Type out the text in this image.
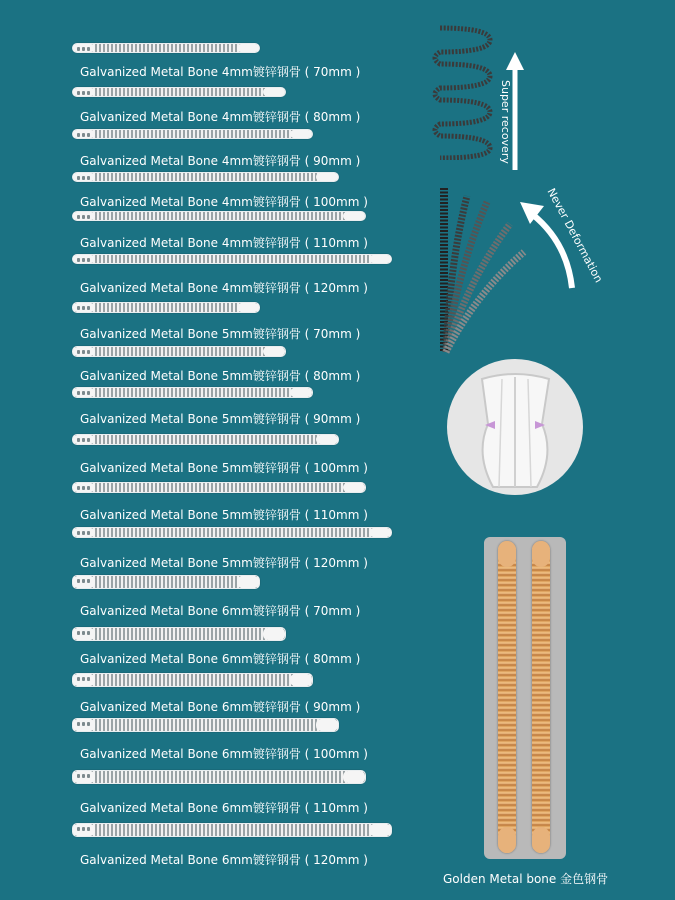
Galvanized Metal Bone 4mm镀锌钢骨 ( 70mm )
Galvanized Metal Bone 4mm镀锌钢骨 ( 80mm )
Galvanized Metal Bone 4mm镀锌钢骨 ( 90mm )
Galvanized Metal Bone 4mm镀锌钢骨 ( 100mm )
Galvanized Metal Bone 4mm镀锌钢骨 ( 110mm )
Galvanized Metal Bone 4mm镀锌钢骨 ( 120mm )
Galvanized Metal Bone 5mm镀锌钢骨 ( 70mm )
Galvanized Metal Bone 5mm镀锌钢骨 ( 80mm )
Galvanized Metal Bone 5mm镀锌钢骨 ( 90mm )
Galvanized Metal Bone 5mm镀锌钢骨 ( 100mm )
Galvanized Metal Bone 5mm镀锌钢骨 ( 110mm )
Galvanized Metal Bone 5mm镀锌钢骨 ( 120mm )
Galvanized Metal Bone 6mm镀锌钢骨 ( 70mm )
Galvanized Metal Bone 6mm镀锌钢骨 ( 80mm )
Galvanized Metal Bone 6mm镀锌钢骨 ( 90mm )
Galvanized Metal Bone 6mm镀锌钢骨 ( 100mm )
Galvanized Metal Bone 6mm镀锌钢骨 ( 110mm )
Galvanized Metal Bone 6mm镀锌钢骨 ( 120mm )
Super recovery
Never Deformation
Golden Metal bone 金色钢骨
